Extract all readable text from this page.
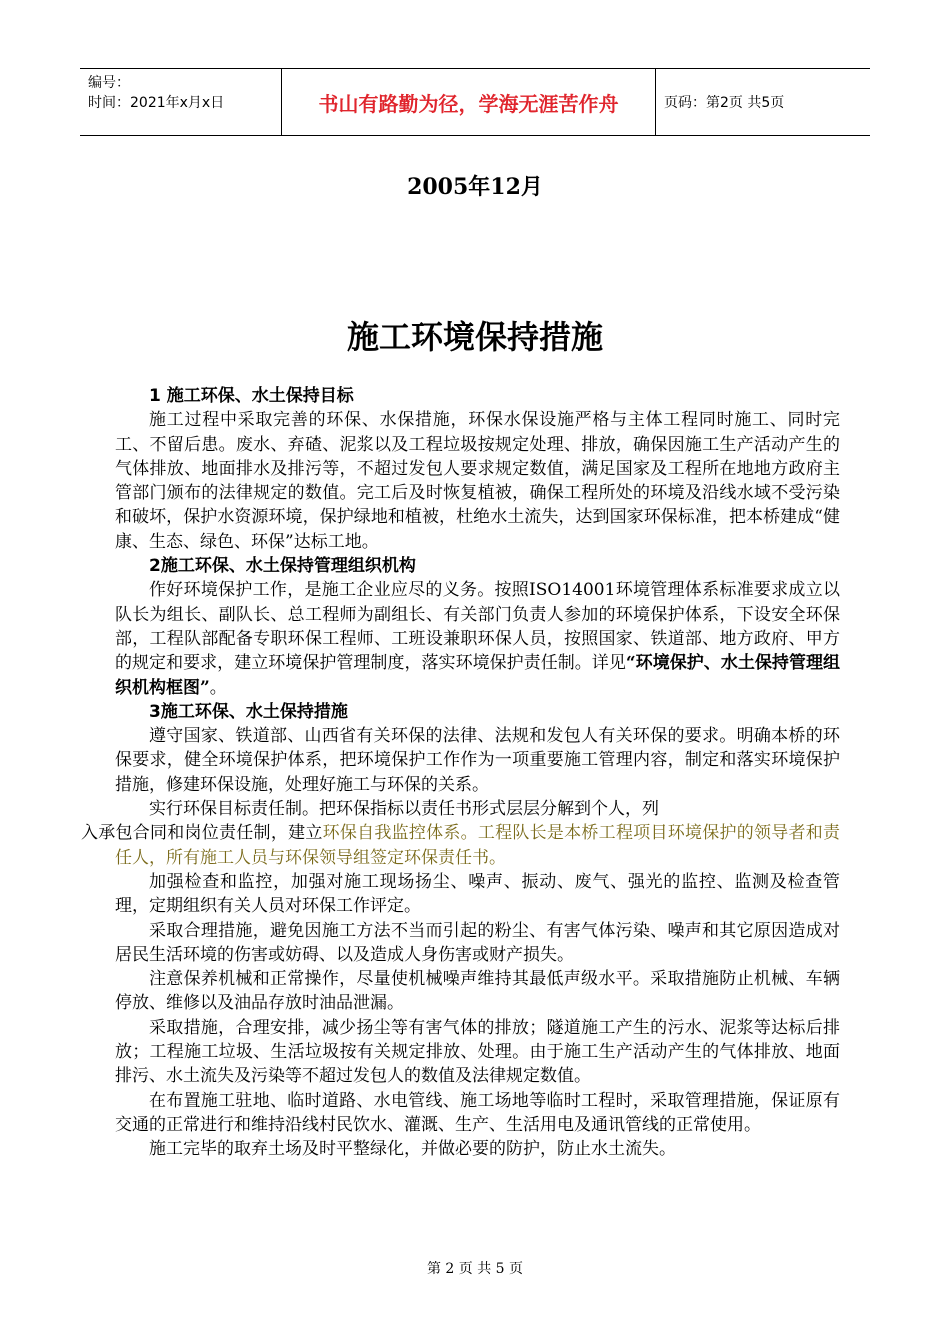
编号：
时间：2021年x月x日	书山有路勤为径，学海无涯苦作舟	页码：第2页 共5页
2005年12月
施工环境保持措施
1 施工环保、水土保持目标

施工过程中采取完善的环保、水保措施，环保水保设施严格与主体工程同时施工、同时完工、不留后患。废水、弃碴、泥浆以及工程垃圾按规定处理、排放，确保因施工生产活动产生的气体排放、地面排水及排污等，不超过发包人要求规定数值，满足国家及工程所在地地方政府主管部门颁布的法律规定的数值。完工后及时恢复植被，确保工程所处的环境及沿线水域不受污染和破坏，保护水资源环境，保护绿地和植被，杜绝水土流失，达到国家环保标准，把本桥建成“健康、生态、绿色、环保”达标工地。

2施工环保、水土保持管理组织机构

作好环境保护工作，是施工企业应尽的义务。按照ISO14001环境管理体系标准要求成立以队长为组长、副队长、总工程师为副组长、有关部门负责人参加的环境保护体系，下设安全环保部，工程队部配备专职环保工程师、工班设兼职环保人员，按照国家、铁道部、地方政府、甲方的规定和要求，建立环境保护管理制度，落实环境保护责任制。详见“环境保护、水土保持管理组织机构框图”。

3施工环保、水土保持措施

遵守国家、铁道部、山西省有关环保的法律、法规和发包人有关环保的要求。明确本桥的环保要求，健全环境保护体系，把环境保护工作作为一项重要施工管理内容，制定和落实环境保护措施，修建环保设施，处理好施工与环保的关系。

实行环保目标责任制。把环保指标以责任书形式层层分解到个人，列
入承包合同和岗位责任制，建立环保自我监控体系。工程队长是本桥工程项目环境保护的领导者和责任人，所有施工人员与环保领导组签定环保责任书。

加强检查和监控，加强对施工现场扬尘、噪声、振动、废气、强光的监控、监测及检查管理，定期组织有关人员对环保工作评定。

采取合理措施，避免因施工方法不当而引起的粉尘、有害气体污染、噪声和其它原因造成对居民生活环境的伤害或妨碍、以及造成人身伤害或财产损失。

注意保养机械和正常操作，尽量使机械噪声维持其最低声级水平。采取措施防止机械、车辆停放、维修以及油品存放时油品泄漏。

采取措施，合理安排，减少扬尘等有害气体的排放；隧道施工产生的污水、泥浆等达标后排放；工程施工垃圾、生活垃圾按有关规定排放、处理。由于施工生产活动产生的气体排放、地面排污、水土流失及污染等不超过发包人的数值及法律规定数值。

在布置施工驻地、临时道路、水电管线、施工场地等临时工程时，采取管理措施，保证原有交通的正常进行和维持沿线村民饮水、灌溉、生产、生活用电及通讯管线的正常使用。

施工完毕的取弃土场及时平整绿化，并做必要的防护，防止水土流失。

第 2 页 共 5 页
